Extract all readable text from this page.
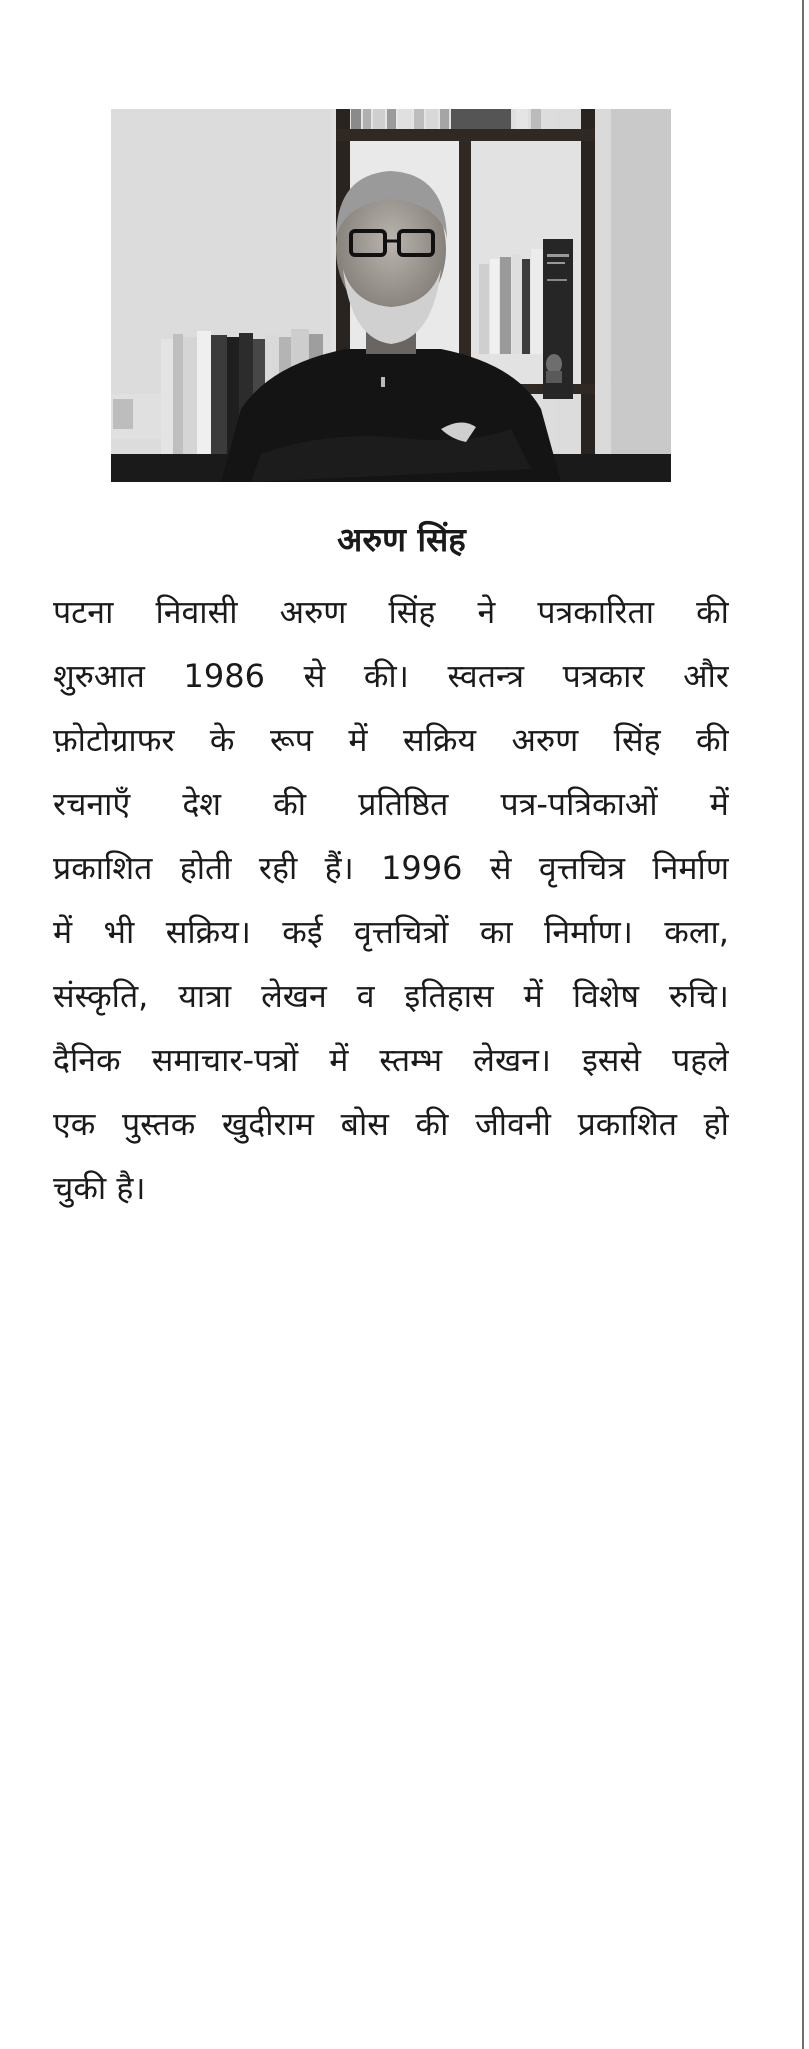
अरुण सिंह
पटना निवासी अरुण सिंह ने पत्रकारिता की
शुरुआत 1986 से की। स्वतन्त्र पत्रकार और
फ़ोटोग्राफर के रूप में सक्रिय अरुण सिंह की
रचनाएँ देश की प्रतिष्ठित पत्र-पत्रिकाओं में
प्रकाशित होती रही हैं। 1996 से वृत्तचित्र निर्माण
में भी सक्रिय। कई वृत्तचित्रों का निर्माण। कला,
संस्कृति, यात्रा लेखन व इतिहास में विशेष रुचि।
दैनिक समाचार-पत्रों में स्तम्भ लेखन। इससे पहले
एक पुस्तक खुदीराम बोस की जीवनी प्रकाशित हो
चुकी है।
